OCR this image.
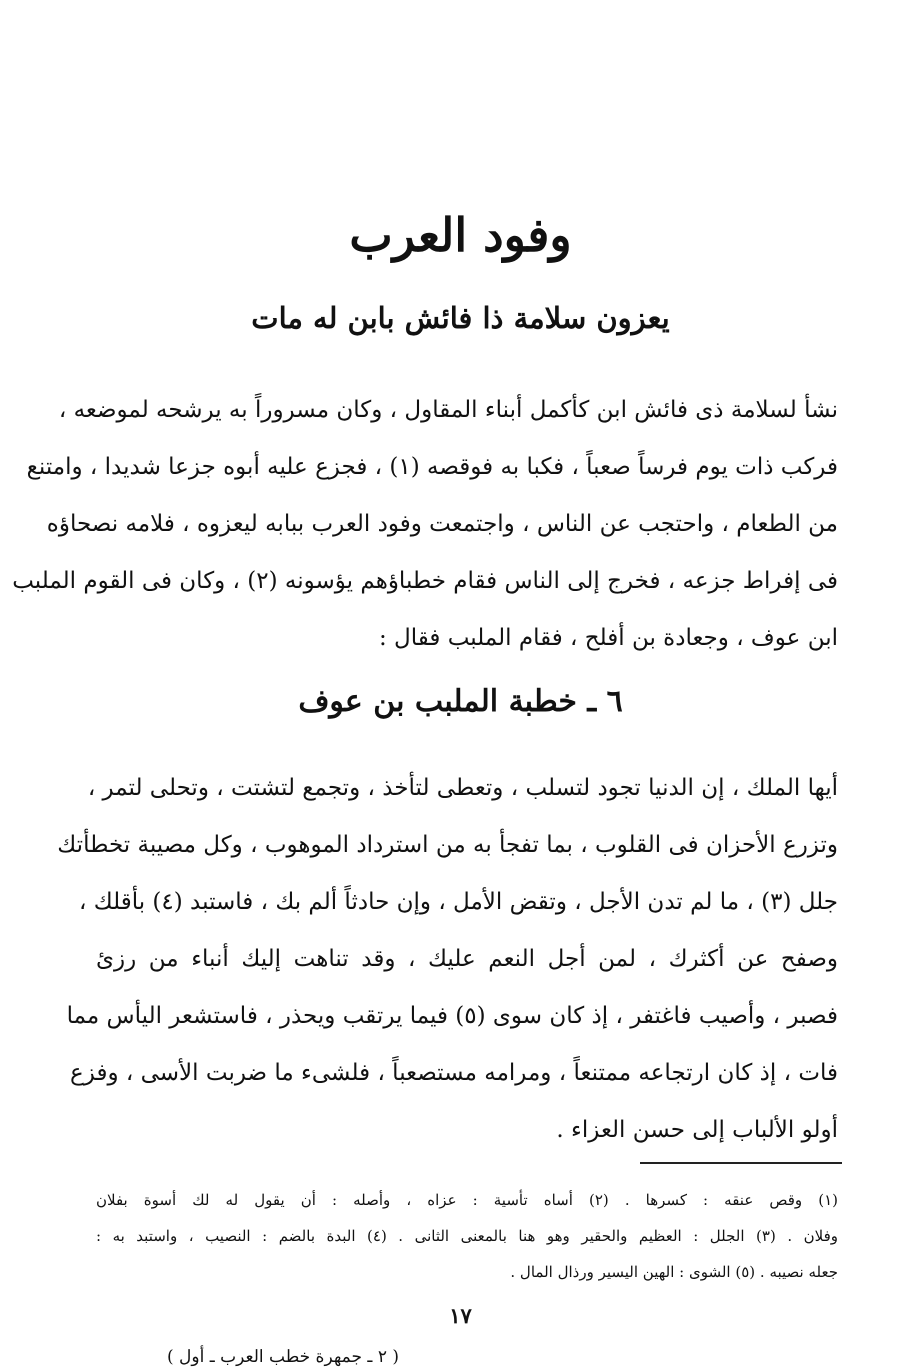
وفود العرب
يعزون سلامة ذا فائش بابن له مات
نشأ لسلامة ذى فائش ابن كأكمل أبناء المقاول ، وكان مسروراً به يرشحه لموضعه ،
فركب ذات يوم فرساً صعباً ، فكبا به فوقصه (١) ، فجزع عليه أبوه جزعا شديدا ، وامتنع
من الطعام ، واحتجب عن الناس ، واجتمعت وفود العرب ببابه ليعزوه ، فلامه نصحاؤه
فى إفراط جزعه ، فخرج إلى الناس فقام خطباؤهم يؤسونه (٢) ، وكان فى القوم الملبب
ابن عوف ، وجعادة بن أفلح ، فقام الملبب فقال :
٦ ـ خطبة الملبب بن عوف
أيها الملك ، إن الدنيا تجود لتسلب ، وتعطى لتأخذ ، وتجمع لتشتت ، وتحلى لتمر ،
وتزرع الأحزان فى القلوب ، بما تفجأ به من استرداد الموهوب ، وكل مصيبة تخطأتك
جلل (٣) ، ما لم تدن الأجل ، وتقض الأمل ، وإن حادثاً ألم بك ، فاستبد (٤) بأقلك ،
وصفح عن أكثرك ، لمن أجل النعم عليك ، وقد تناهت إليك أنباء من رزئ
فصبر ، وأصيب فاغتفر ، إذ كان سوى (٥) فيما يرتقب ويحذر ، فاستشعر اليأس مما
فات ، إذ كان ارتجاعه ممتنعاً ، ومرامه مستصعباً ، فلشىء ما ضربت الأسى ، وفزع
أولو الألباب إلى حسن العزاء .
(١) وقص عنقه : كسرها . (٢) أساه تأسية : عزاه ، وأصله : أن يقول له لك أسوة بفلان
وفلان . (٣) الجلل : العظيم والحقير وهو هنا بالمعنى الثانى . (٤) البدة بالضم : النصيب ، واستبد به :
جعله نصيبه . (٥) الشوى : الهين اليسير ورذال المال .
١٧
( ٢ ـ جمهرة خطب العرب ـ أول )
